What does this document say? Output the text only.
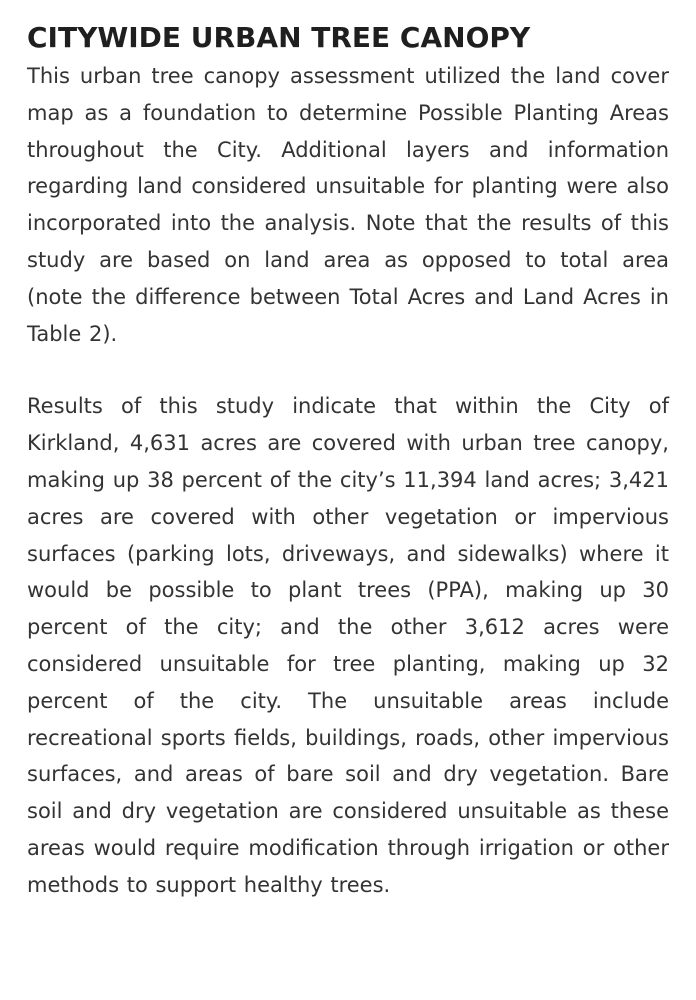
CITYWIDE URBAN TREE CANOPY

This urban tree canopy assessment utilized the land cover map as a foundation to determine Possible Planting Areas throughout the City. Additional layers and information regarding land considered unsuitable for planting were also incorporated into the analysis. Note that the results of this study are based on land area as opposed to total area (note the difference between Total Acres and Land Acres in Table 2).

Results of this study indicate that within the City of Kirkland, 4,631 acres are covered with urban tree canopy, making up 38 percent of the city’s 11,394 land acres; 3,421 acres are covered with other vegetation or impervious surfaces (parking lots, driveways, and sidewalks) where it would be possible to plant trees (PPA), making up 30 percent of the city; and the other 3,612 acres were considered unsuitable for tree planting, making up 32 percent of the city. The unsuitable areas include recreational sports fields, buildings, roads, other impervious surfaces, and areas of bare soil and dry vegetation. Bare soil and dry vegetation are considered unsuitable as these areas would require modification through irrigation or other methods to support healthy trees.
